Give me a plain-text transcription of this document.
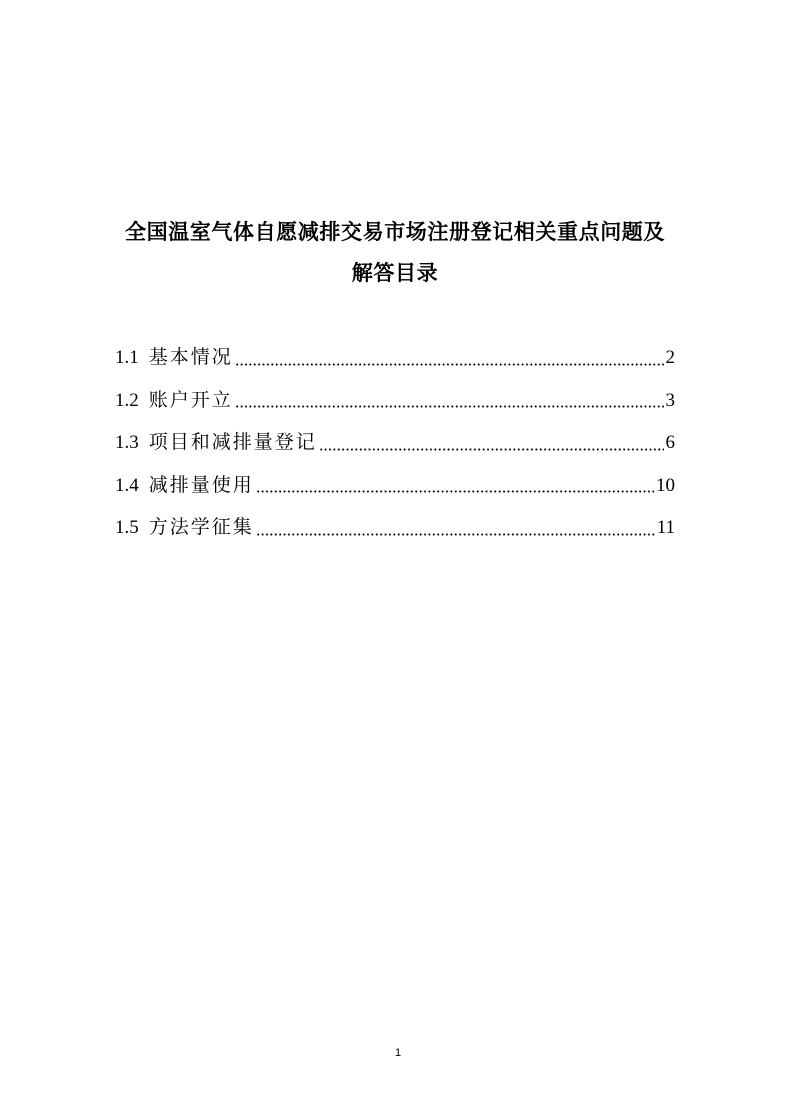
全国温室气体自愿减排交易市场注册登记相关重点问题及
解答目录
1.1 基本情况	2
1.2 账户开立	3
1.3 项目和减排量登记	6
1.4 减排量使用	10
1.5 方法学征集	11
1
